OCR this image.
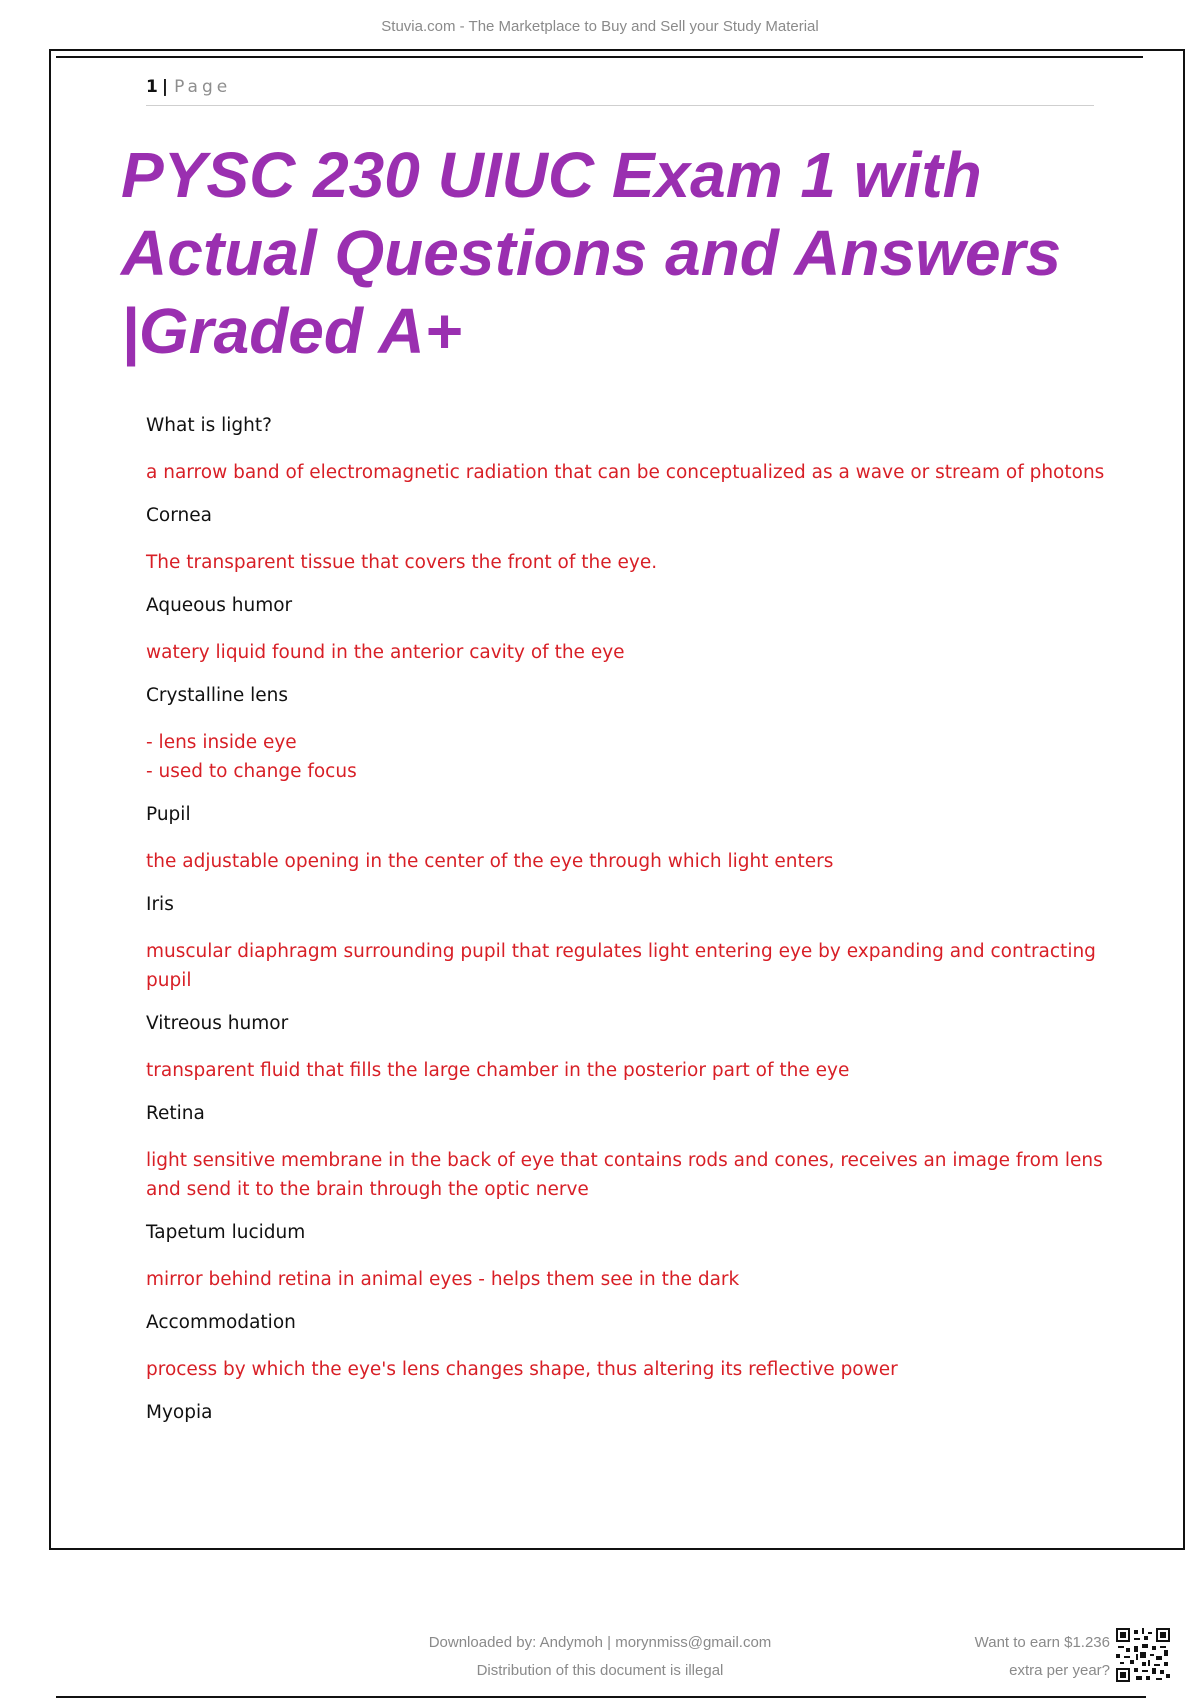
Stuvia.com - The Marketplace to Buy and Sell your Study Material
1 | Page
PYSC 230 UIUC Exam 1 with
Actual Questions and Answers
|Graded A+
What is light?
a narrow band of electromagnetic radiation that can be conceptualized as a wave or stream of photons
Cornea
The transparent tissue that covers the front of the eye.
Aqueous humor
watery liquid found in the anterior cavity of the eye
Crystalline lens
- lens inside eye
- used to change focus
Pupil
the adjustable opening in the center of the eye through which light enters
Iris
muscular diaphragm surrounding pupil that regulates light entering eye by expanding and contracting pupil
Vitreous humor
transparent fluid that fills the large chamber in the posterior part of the eye
Retina
light sensitive membrane in the back of eye that contains rods and cones, receives an image from lens and send it to the brain through the optic nerve
Tapetum lucidum
mirror behind retina in animal eyes - helps them see in the dark
Accommodation
process by which the eye's lens changes shape, thus altering its reflective power
Myopia
Downloaded by: Andymoh | morynmiss@gmail.com
Distribution of this document is illegal
Want to earn $1.236
extra per year?
